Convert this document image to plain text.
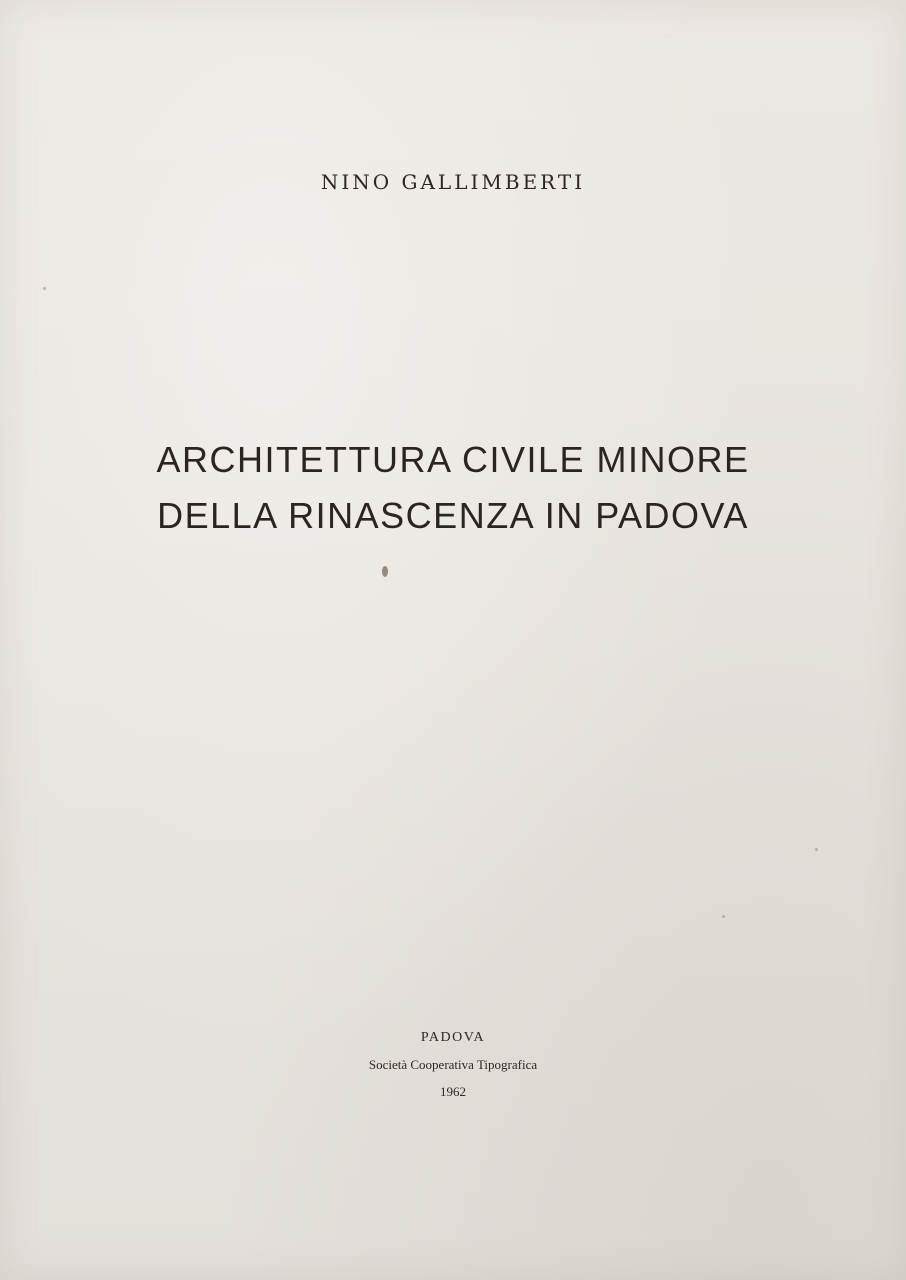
NINO GALLIMBERTI
ARCHITETTURA CIVILE MINORE
DELLA RINASCENZA IN PADOVA
PADOVA
Società Cooperativa Tipografica
1962
